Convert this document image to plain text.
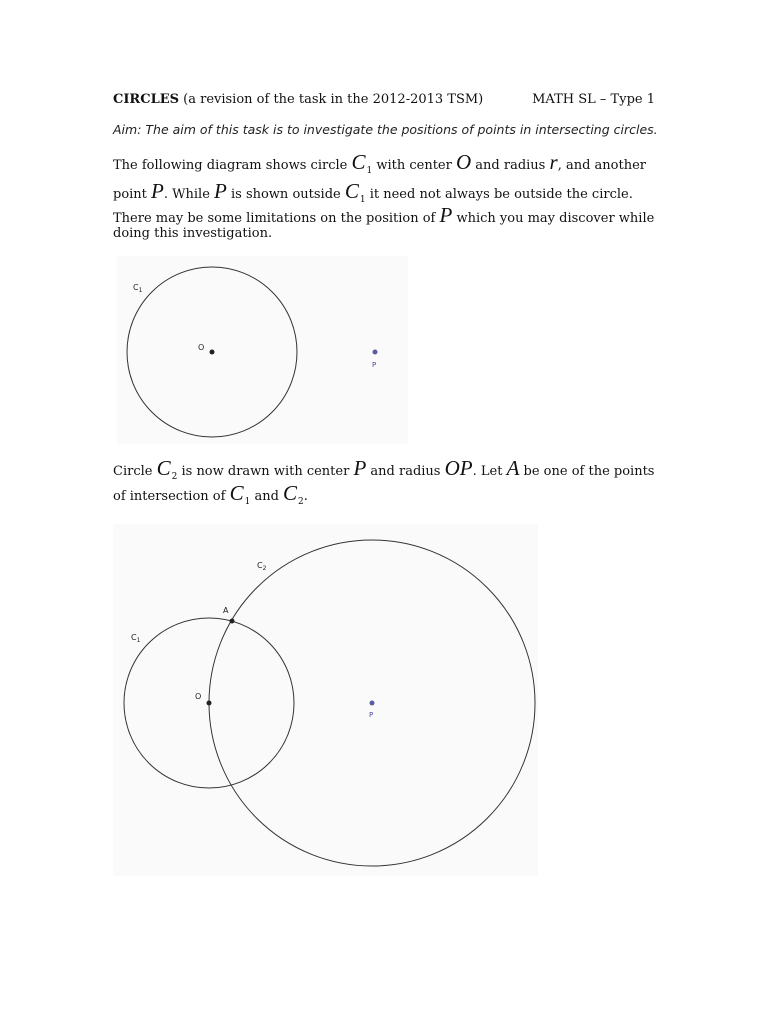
CIRCLES (a revision of the task in the 2012-2013 TSM)	MATH SL – Type 1
Aim: The aim of this task is to investigate the positions of points in intersecting circles.
The following diagram shows circle $C_1$ with center O and radius r, and another
point P. While P is shown outside $C_1$ it need not always be outside the circle.
There may be some limitations on the position of P which you may discover while
doing this investigation.
$C_1$
O
P
Circle $C_2$ is now drawn with center P and radius OP. Let A be one of the points
of intersection of $C_1$ and $C_2$.
$C_1$
$C_2$
A
O
P
